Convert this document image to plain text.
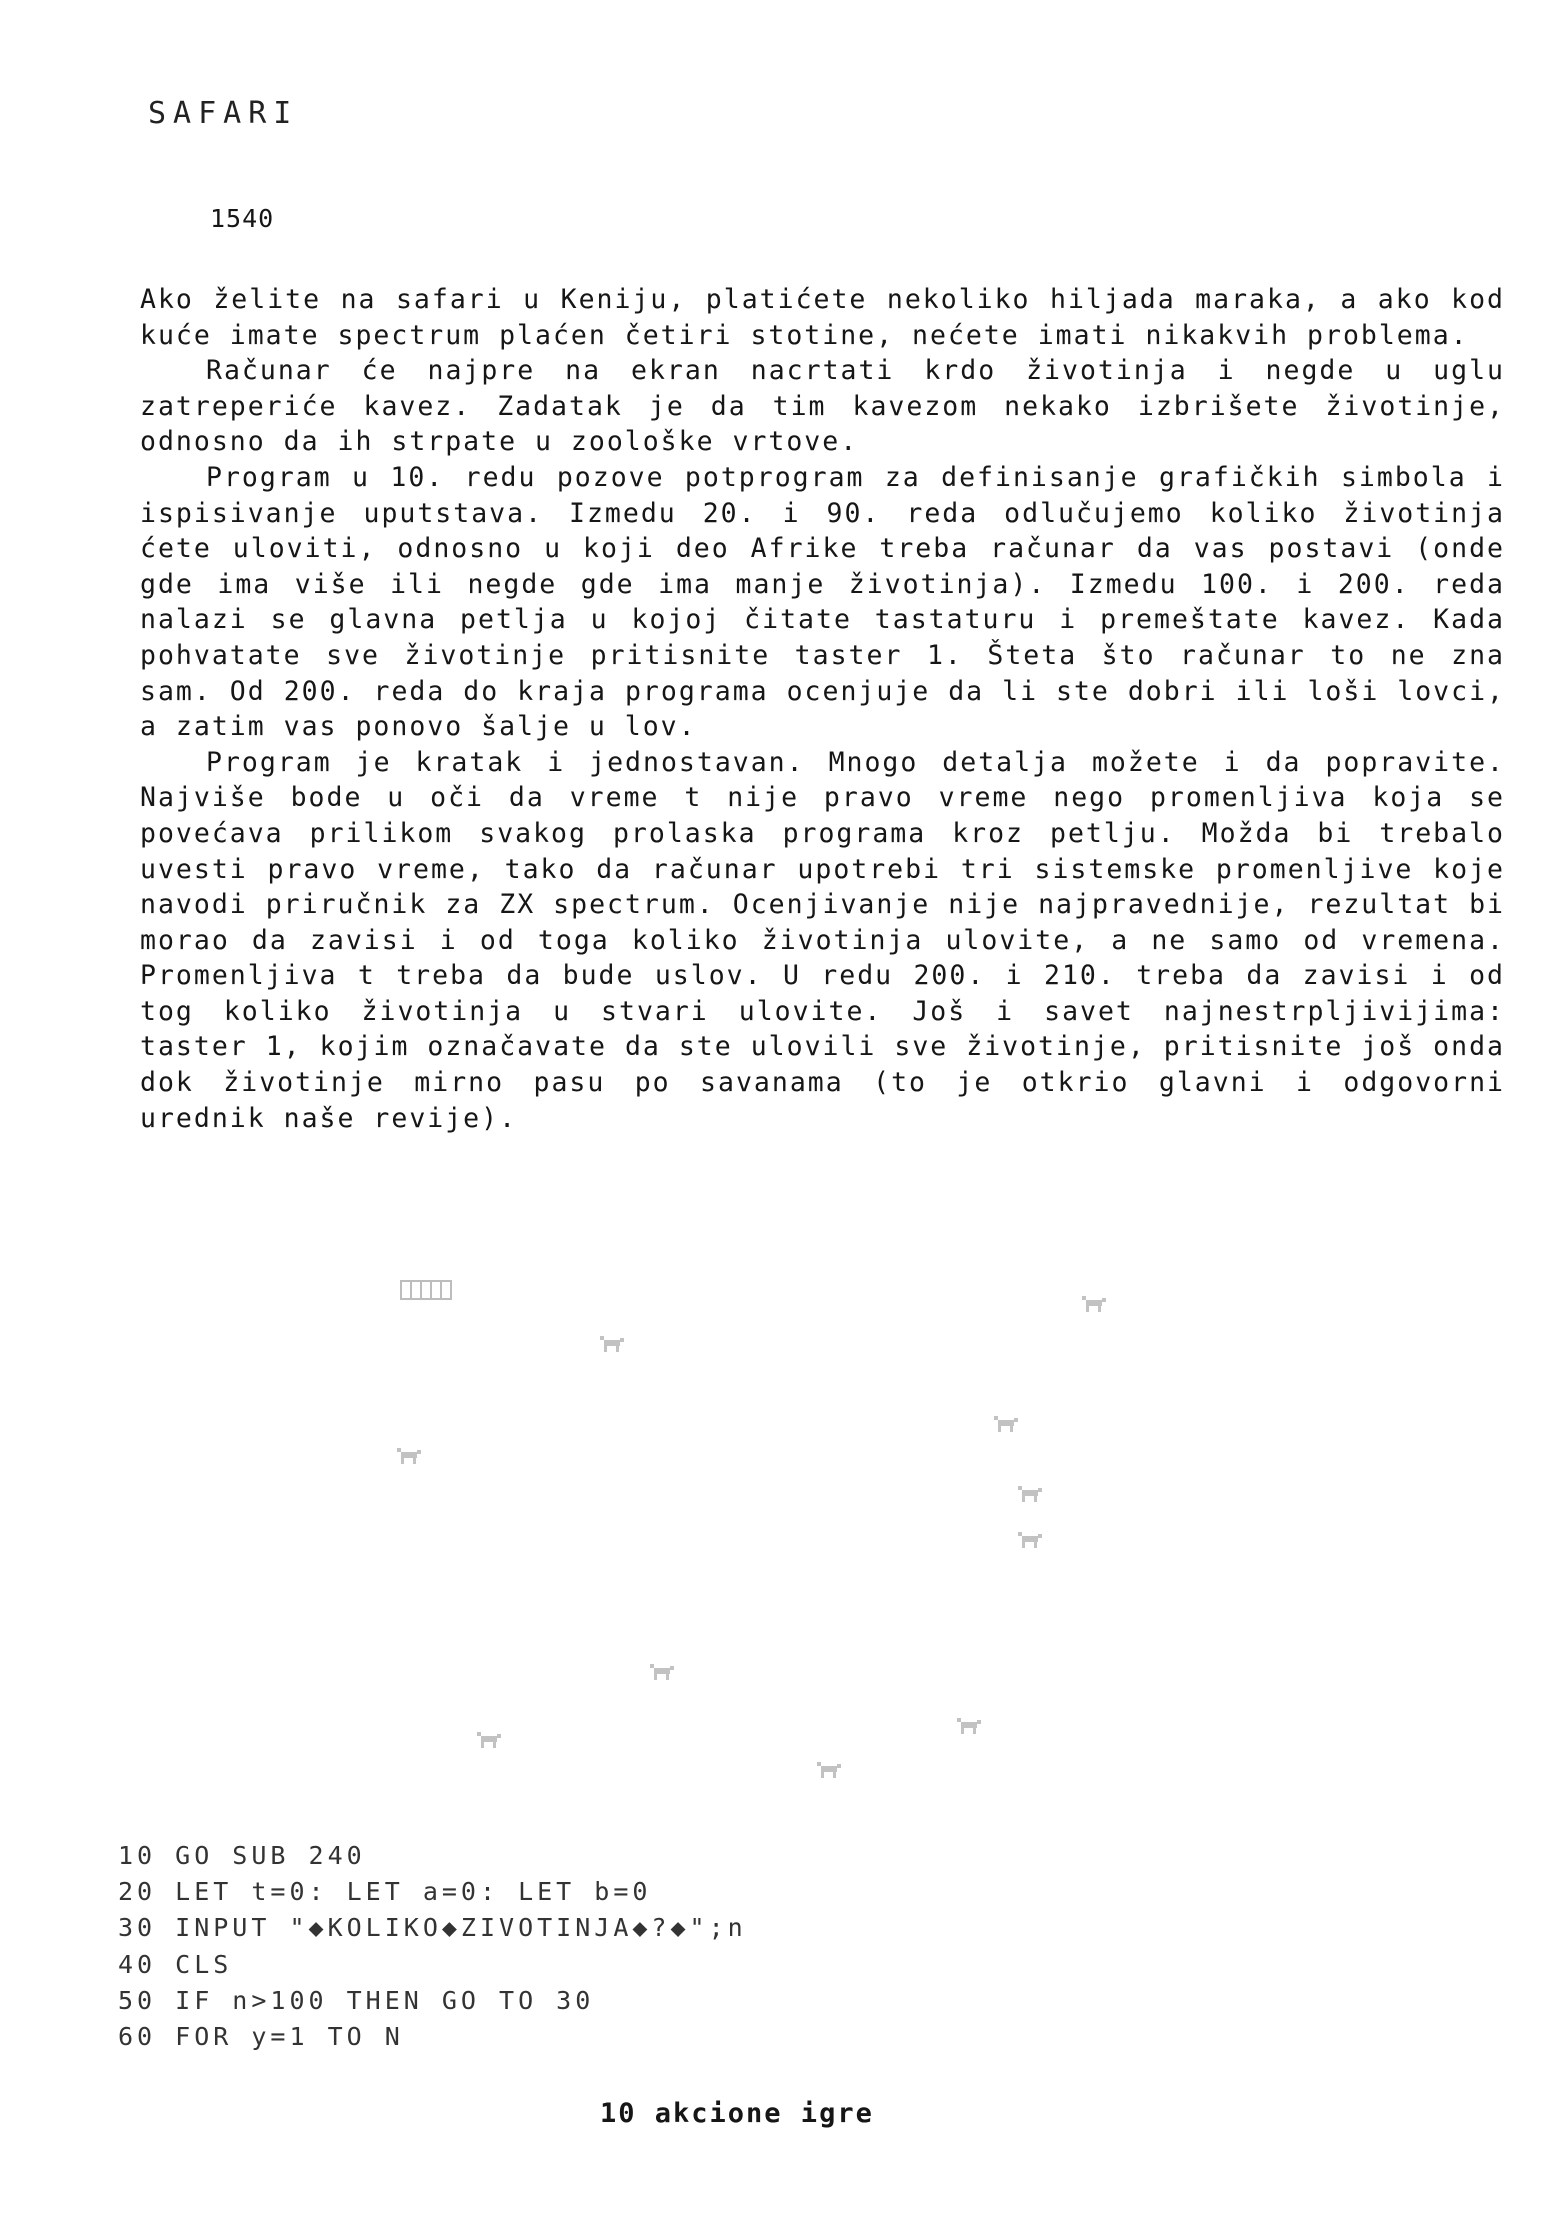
SAFARI
1540

Ako želite na safari u Keniju, platićete nekoliko hiljada maraka, a ako kod kuće imate spectrum plaćen četiri stotine, nećete imati nikakvih problema.

Računar će najpre na ekran nacrtati krdo životinja i negde u uglu zatreperiće kavez. Zadatak je da tim kavezom nekako izbrišete životinje, odnosno da ih strpate u zoološke vrtove.

Program u 10. redu pozove potprogram za definisanje grafičkih simbola i ispisivanje uputstava. Izmedu 20. i 90. reda odlučujemo koliko životinja ćete uloviti, odnosno u koji deo Afrike treba računar da vas postavi (onde gde ima više ili negde gde ima manje životinja). Izmedu 100. i 200. reda nalazi se glavna petlja u kojoj čitate tastaturu i premeštate kavez. Kada pohvatate sve životinje pritisnite taster 1. Šteta što računar to ne zna sam. Od 200. reda do kraja programa ocenjuje da li ste dobri ili loši lovci, a zatim vas ponovo šalje u lov.

Program je kratak i jednostavan. Mnogo detalja možete i da popravite. Najviše bode u oči da vreme t nije pravo vreme nego promenljiva koja se povećava prilikom svakog prolaska programa kroz petlju. Možda bi trebalo uvesti pravo vreme, tako da računar upotrebi tri sistemske promenljive koje navodi priručnik za ZX spectrum. Ocenjivanje nije najpravednije, rezultat bi morao da zavisi i od toga koliko životinja ulovite, a ne samo od vremena. Promenljiva t treba da bude uslov. U redu 200. i 210. treba da zavisi i od tog koliko životinja u stvari ulovite. Još i savet najnestrpljivijima: taster 1, kojim označavate da ste ulovili sve životinje, pritisnite još onda dok životinje mirno pasu po savanama (to je otkrio glavni i odgovorni urednik naše revije).

10 GO SUB 240
20 LET t=0: LET a=0: LET b=0
30 INPUT "◆KOLIKO◆ZIVOTINJA◆?◆";n
40 CLS
50 IF n>100 THEN GO TO 30
60 FOR y=1 TO N
10 akcione igre
